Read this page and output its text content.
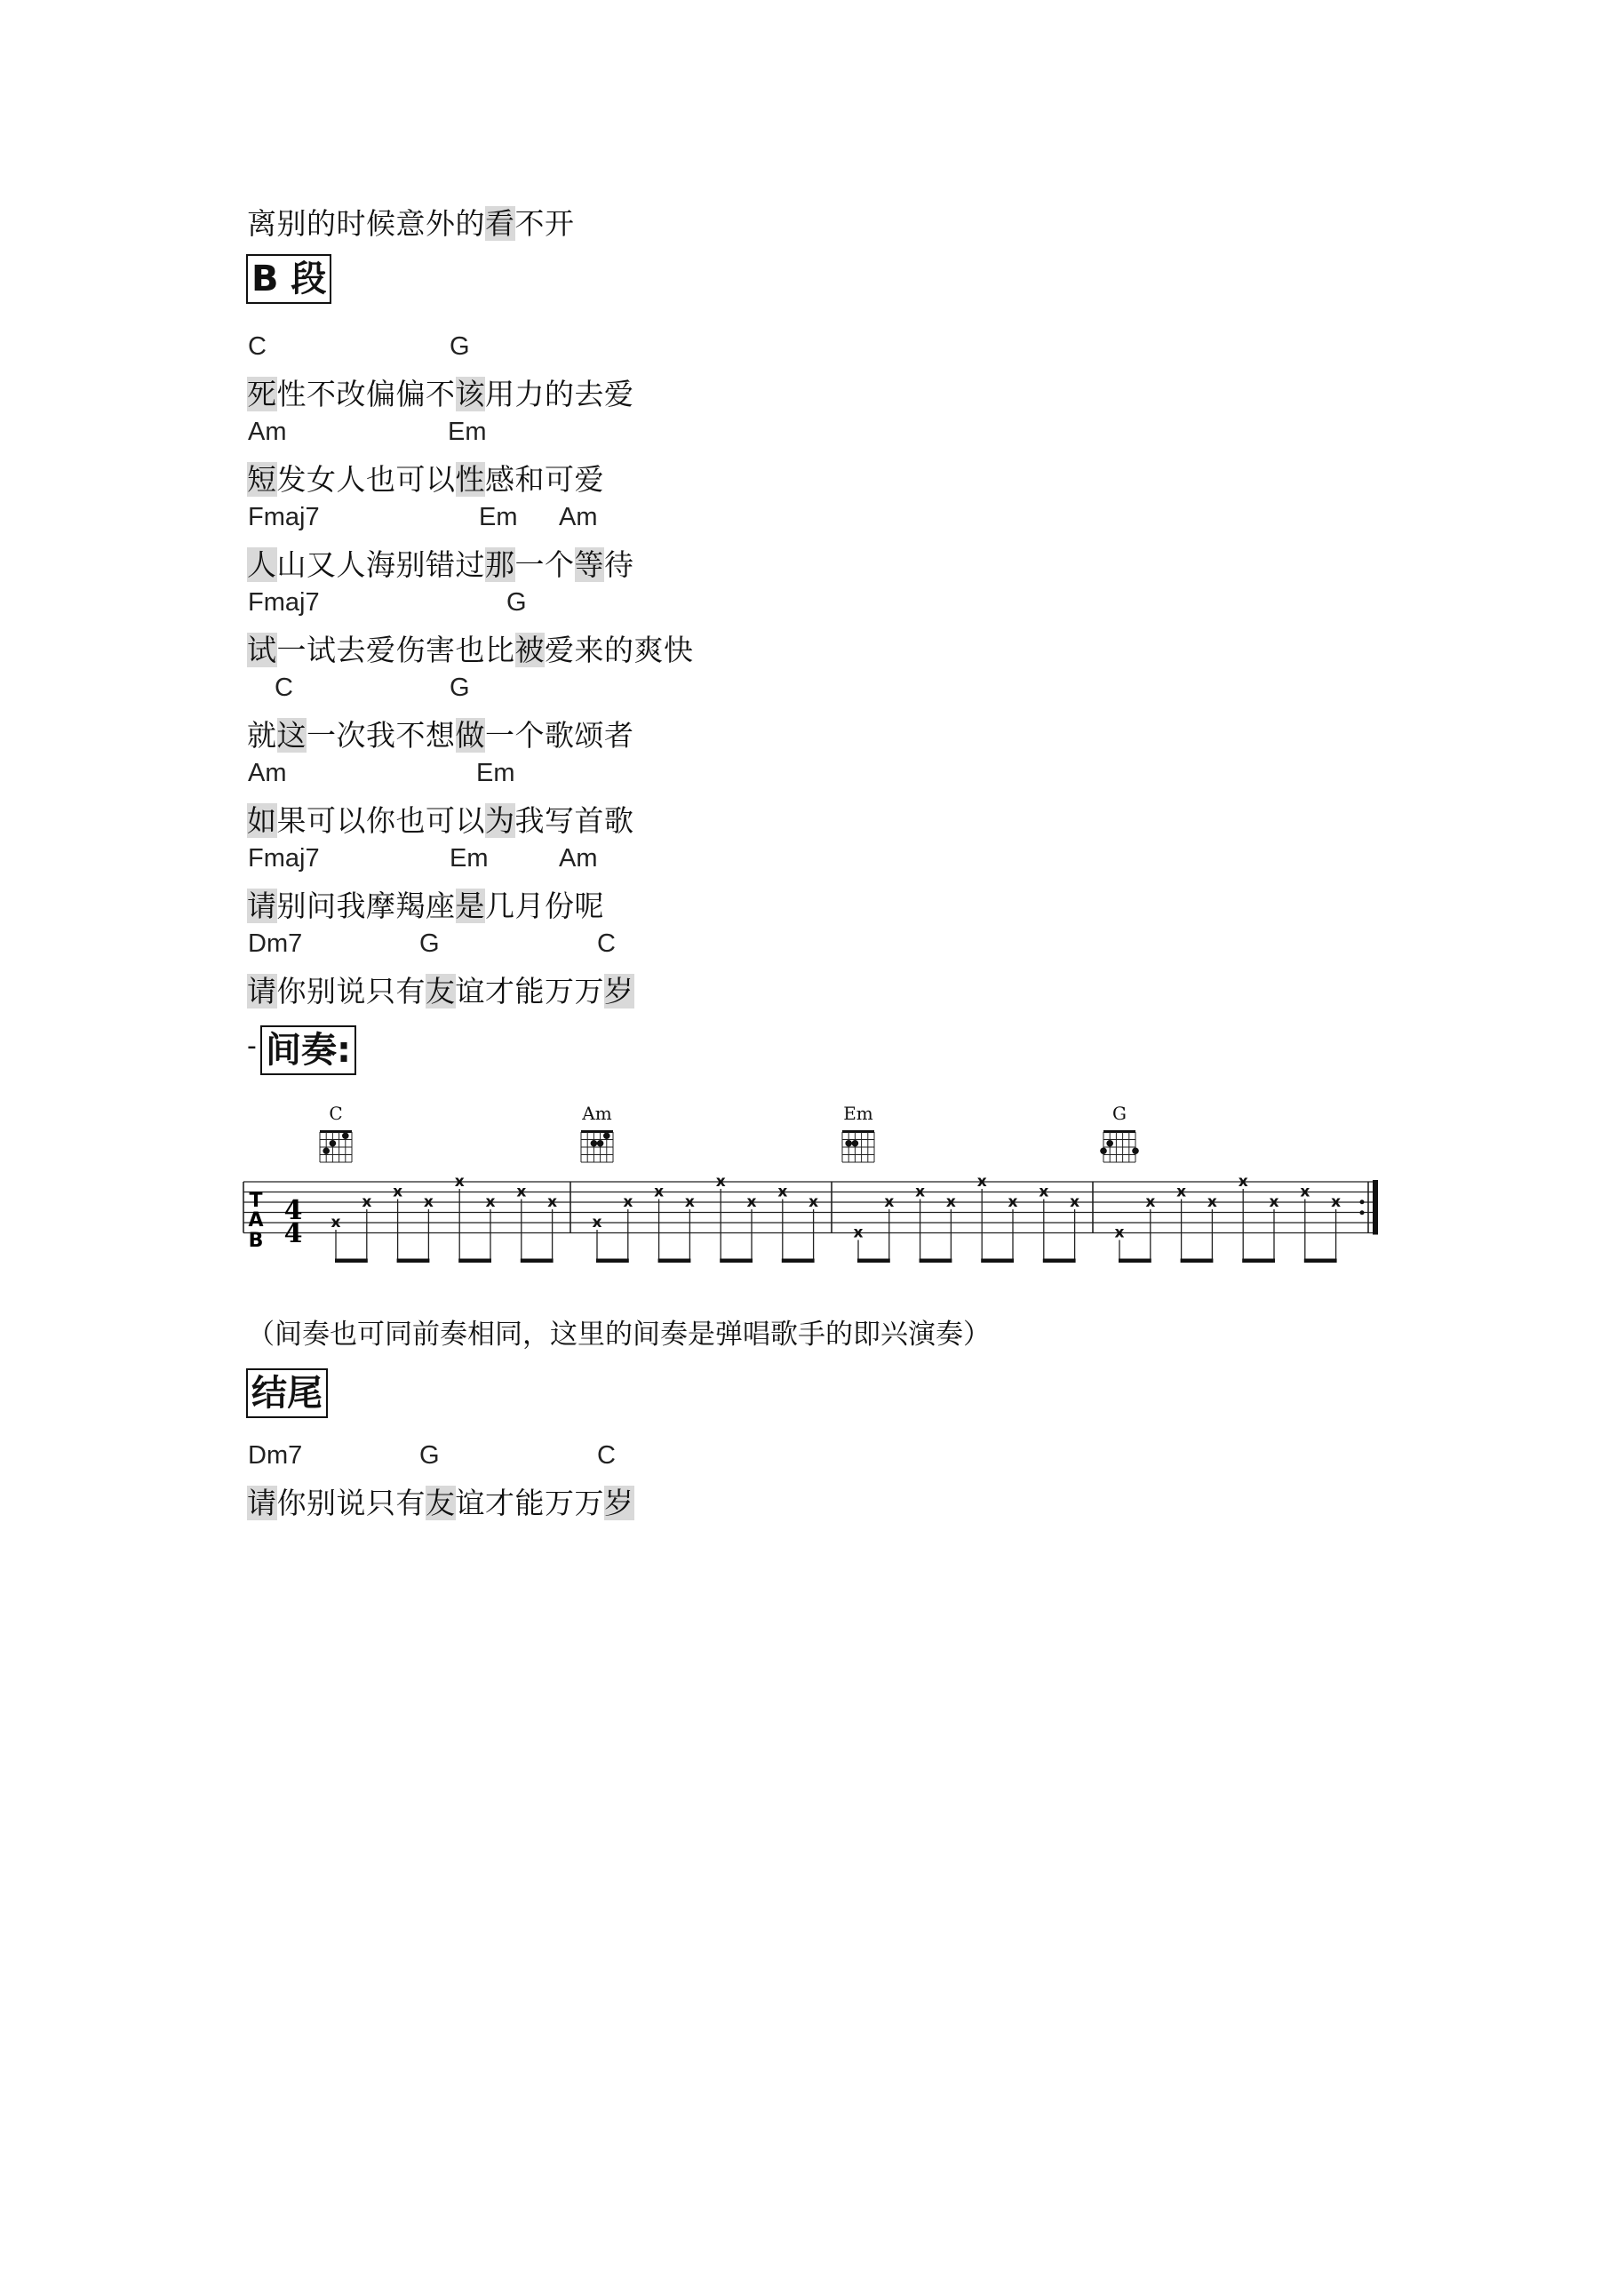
离别的时候意外的看不开
B 段
C	G
死性不改偏偏不该用力的去爱
Am	Em
短发女人也可以性感和可爱
Fmaj7	Em Am
人山又人海别错过那一个等待
Fmaj7	G
试一试去爱伤害也比被爱来的爽快
C	G
就这一次我不想做一个歌颂者
Am	Em
如果可以你也可以为我写首歌
Fmaj7	Em	Am
请别问我摩羯座是几月份呢
Dm7	G	C
请你别说只有友谊才能万万岁
- 间奏:
C	Am	Em	G
x
x
x
x
x
x
x
x
x
x
x
x
x
x
x
x
x
x
x
x
x
x
x
x
x
x
x
x
x
x
x
x
T
A
B
4
4
（间奏也可同前奏相同，这里的间奏是弹唱歌手的即兴演奏）
结尾
Dm7	G	C
请你别说只有友谊才能万万岁
